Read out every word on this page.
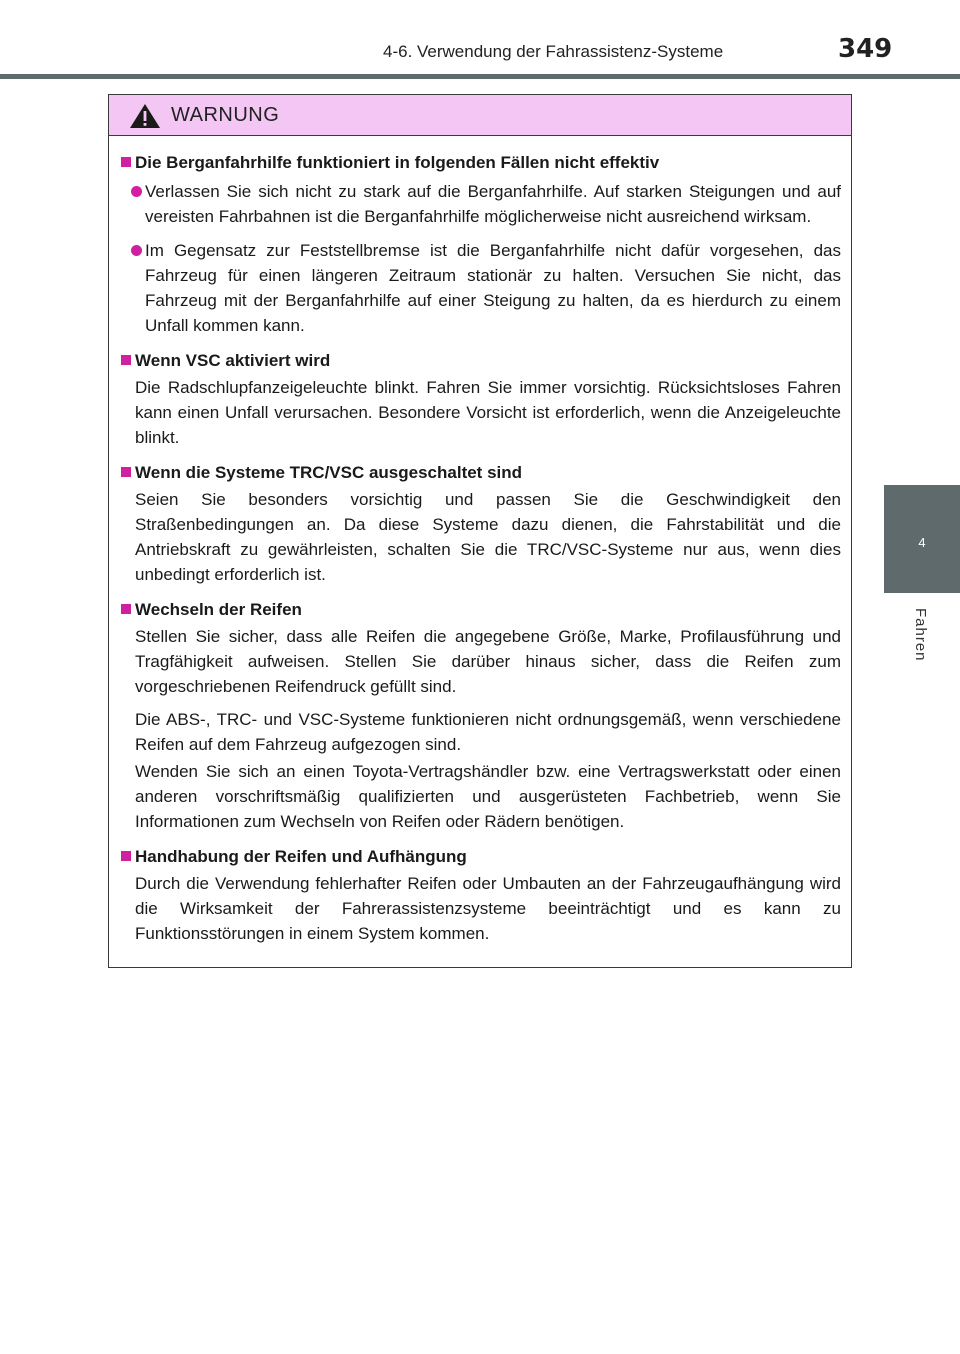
4-6. Verwendung der Fahrassistenz-Systeme	349
4
Fahren
WARNUNG
Die Berganfahrhilfe funktioniert in folgenden Fällen nicht effektiv
Verlassen Sie sich nicht zu stark auf die Berganfahrhilfe. Auf starken Steigungen und auf vereisten Fahrbahnen ist die Berganfahrhilfe möglicherweise nicht ausreichend wirksam.
Im Gegensatz zur Feststellbremse ist die Berganfahrhilfe nicht dafür vorgesehen, das Fahrzeug für einen längeren Zeitraum stationär zu halten. Versuchen Sie nicht, das Fahrzeug mit der Berganfahrhilfe auf einer Steigung zu halten, da es hierdurch zu einem Unfall kommen kann.
Wenn VSC aktiviert wird
Die Radschlupfanzeigeleuchte blinkt. Fahren Sie immer vorsichtig. Rücksichtsloses Fahren kann einen Unfall verursachen. Besondere Vorsicht ist erforderlich, wenn die Anzeigeleuchte blinkt.
Wenn die Systeme TRC/VSC ausgeschaltet sind
Seien Sie besonders vorsichtig und passen Sie die Geschwindigkeit den Straßenbedingungen an. Da diese Systeme dazu dienen, die Fahrstabilität und die Antriebskraft zu gewährleisten, schalten Sie die TRC/VSC-Systeme nur aus, wenn dies unbedingt erforderlich ist.
Wechseln der Reifen
Stellen Sie sicher, dass alle Reifen die angegebene Größe, Marke, Profilausführung und Tragfähigkeit aufweisen. Stellen Sie darüber hinaus sicher, dass die Reifen zum vorgeschriebenen Reifendruck gefüllt sind.
Die ABS-, TRC- und VSC-Systeme funktionieren nicht ordnungsgemäß, wenn verschiedene Reifen auf dem Fahrzeug aufgezogen sind.
Wenden Sie sich an einen Toyota-Vertragshändler bzw. eine Vertragswerkstatt oder einen anderen vorschriftsmäßig qualifizierten und ausgerüsteten Fachbetrieb, wenn Sie Informationen zum Wechseln von Reifen oder Rädern benötigen.
Handhabung der Reifen und Aufhängung
Durch die Verwendung fehlerhafter Reifen oder Umbauten an der Fahrzeugaufhängung wird die Wirksamkeit der Fahrerassistenzsysteme beeinträchtigt und es kann zu Funktionsstörungen in einem System kommen.
